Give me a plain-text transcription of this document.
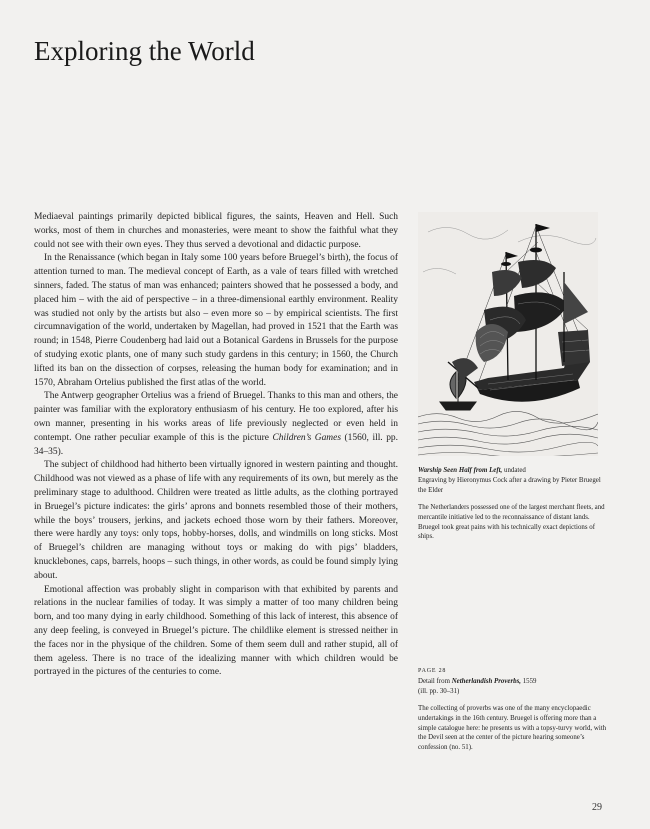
Exploring the World

Mediaeval paintings primarily depicted biblical figures, the saints, Heaven and Hell. Such works, most of them in churches and monasteries, were meant to show the faithful what they could not see with their own eyes. They thus served a devotional and didactic purpose.

In the Renaissance (which began in Italy some 100 years before Bruegel’s birth), the focus of attention turned to man. The medieval concept of Earth, as a vale of tears filled with wretched sinners, faded. The status of man was enhanced; painters showed that he possessed a body, and placed him – with the aid of perspective – in a three-dimensional earthly environment. Reality was studied not only by the artists but also – even more so – by empirical scientists. The first circumnavigation of the world, undertaken by Magellan, had proved in 1521 that the Earth was round; in 1548, Pierre Coudenberg had laid out a Botanical Gardens in Brussels for the purpose of studying exotic plants, one of many such study gardens in this century; in 1560, the Church lifted its ban on the dissection of corpses, releasing the human body for examination; and in 1570, Abraham Ortelius published the first atlas of the world.

The Antwerp geographer Ortelius was a friend of Bruegel. Thanks to this man and others, the painter was familiar with the exploratory enthusiasm of his century. He too explored, after his own manner, presenting in his works areas of life previously neglected or even held in contempt. One rather peculiar example of this is the picture Children’s Games (1560, ill. pp. 34–35).

The subject of childhood had hitherto been virtually ignored in western painting and thought. Childhood was not viewed as a phase of life with any requirements of its own, but merely as the preliminary stage to adulthood. Children were treated as little adults, as the clothing portrayed in Bruegel’s picture indicates: the girls’ aprons and bonnets resembled those of their mothers, while the boys’ trousers, jerkins, and jackets echoed those worn by their fathers. Moreover, there were hardly any toys: only tops, hobby-horses, dolls, and windmills on long sticks. Most of Bruegel’s children are managing without toys or making do with pigs’ bladders, knucklebones, caps, barrels, hoops – such things, in other words, as could be found simply lying about.

Emotional affection was probably slight in comparison with that exhibited by parents and relations in the nuclear families of today. It was simply a matter of too many children being born, and too many dying in early childhood. Something of this lack of interest, this absence of any deep feeling, is conveyed in Bruegel’s picture. The childlike element is stressed neither in the faces nor in the physique of the children. Some of them seem dull and rather stupid, all of them ageless. There is no trace of the idealizing manner with which children would be portrayed in the pictures of the centuries to come.

Warship Seen Half from Left, undated

Engraving by Hieronymus Cock after a drawing by Pieter Bruegel the Elder

The Netherlanders possessed one of the largest merchant fleets, and mercantile initiative led to the reconnaissance of distant lands. Bruegel took great pains with his technically exact depictions of ships.

PAGE 28

Detail from Netherlandish Proverbs, 1559

(ill. pp. 30–31)

The collecting of proverbs was one of the many encyclopaedic undertakings in the 16th century. Bruegel is offering more than a simple catalogue here: he presents us with a topsy-turvy world, with the Devil seen at the center of the picture hearing someone’s confession (no. 51).

29
